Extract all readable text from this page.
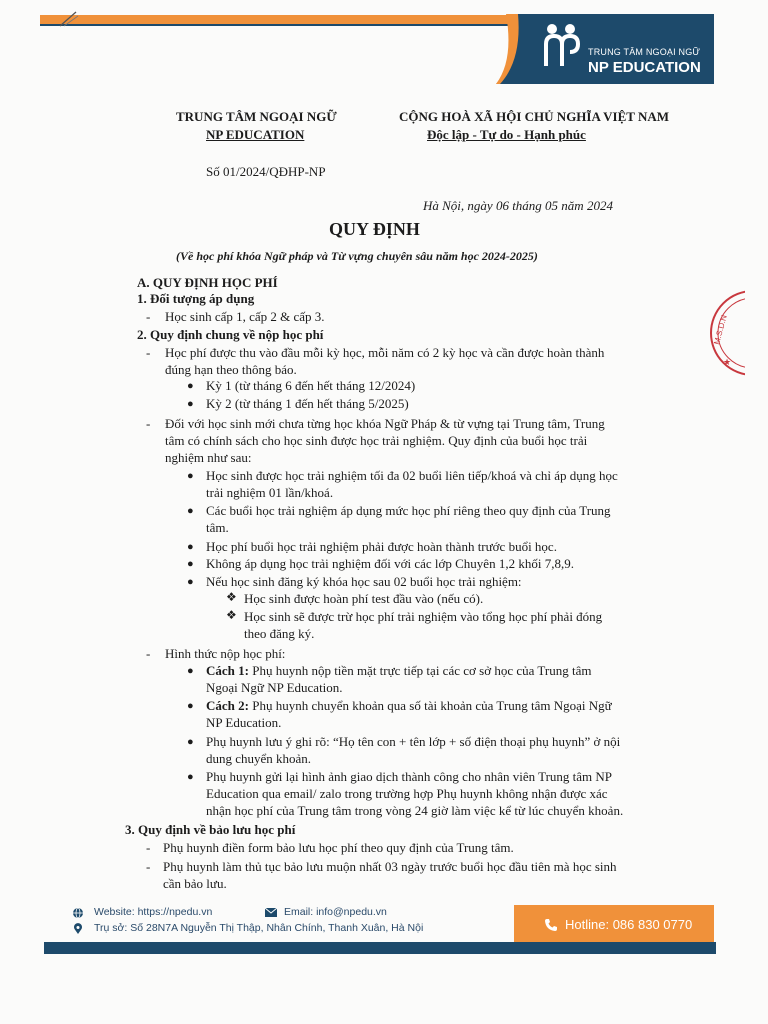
TRUNG TÂM NGOẠI NGỮ
NP EDUCATION
M.S.D.N
★
TRUNG TÂM NGOẠI NGỮ
NP EDUCATION
CỘNG HOÀ XÃ HỘI CHỦ NGHĨA VIỆT NAM
Độc lập - Tự do - Hạnh phúc
Số 01/2024/QĐHP-NP
Hà Nội, ngày 06 tháng 05 năm 2024
QUY ĐỊNH
(Về học phí khóa Ngữ pháp và Từ vựng chuyên sâu năm học 2024-2025)
A. QUY ĐỊNH HỌC PHÍ
1. Đối tượng áp dụng
- Học sinh cấp 1, cấp 2 & cấp 3.
2. Quy định chung về nộp học phí
- Học phí được thu vào đầu mỗi kỳ học, mỗi năm có 2 kỳ học và cần được hoàn thành
đúng hạn theo thông báo.
● Kỳ 1 (từ tháng 6 đến hết tháng 12/2024)
● Kỳ 2 (từ tháng 1 đến hết tháng 5/2025)
- Đối với học sinh mới chưa từng học khóa Ngữ Pháp & từ vựng tại Trung tâm, Trung
tâm có chính sách cho học sinh được học trải nghiệm. Quy định của buổi học trải
nghiệm như sau:
● Học sinh được học trải nghiệm tối đa 02 buổi liên tiếp/khoá và chỉ áp dụng học
trải nghiệm 01 lần/khoá.
● Các buổi học trải nghiệm áp dụng mức học phí riêng theo quy định của Trung
tâm.
● Học phí buổi học trải nghiệm phải được hoàn thành trước buổi học.
● Không áp dụng học trải nghiệm đối với các lớp Chuyên 1,2 khối 7,8,9.
● Nếu học sinh đăng ký khóa học sau 02 buổi học trải nghiệm:
❖ Học sinh được hoàn phí test đầu vào (nếu có).
❖ Học sinh sẽ được trừ học phí trải nghiệm vào tổng học phí phải đóng
theo đăng ký.
- Hình thức nộp học phí:
● Cách 1: Phụ huynh nộp tiền mặt trực tiếp tại các cơ sở học của Trung tâm
Ngoại Ngữ NP Education.
● Cách 2: Phụ huynh chuyển khoản qua số tài khoản của Trung tâm Ngoại Ngữ
NP Education.
● Phụ huynh lưu ý ghi rõ: “Họ tên con + tên lớp + số điện thoại phụ huynh” ở nội
dung chuyển khoản.
● Phụ huynh gửi lại hình ảnh giao dịch thành công cho nhân viên Trung tâm NP
Education qua email/ zalo trong trường hợp Phụ huynh không nhận được xác
nhận học phí của Trung tâm trong vòng 24 giờ làm việc kể từ lúc chuyển khoản.
3. Quy định về bảo lưu học phí
- Phụ huynh điền form bảo lưu học phí theo quy định của Trung tâm.
- Phụ huynh làm thủ tục bảo lưu muộn nhất 03 ngày trước buổi học đầu tiên mà học sinh
cần bảo lưu.
Website: https://npedu.vn	Email: info@npedu.vn
Trụ sở: Số 28N7A Nguyễn Thị Thập, Nhân Chính, Thanh Xuân, Hà Nội	Hotline: 086 830 0770
